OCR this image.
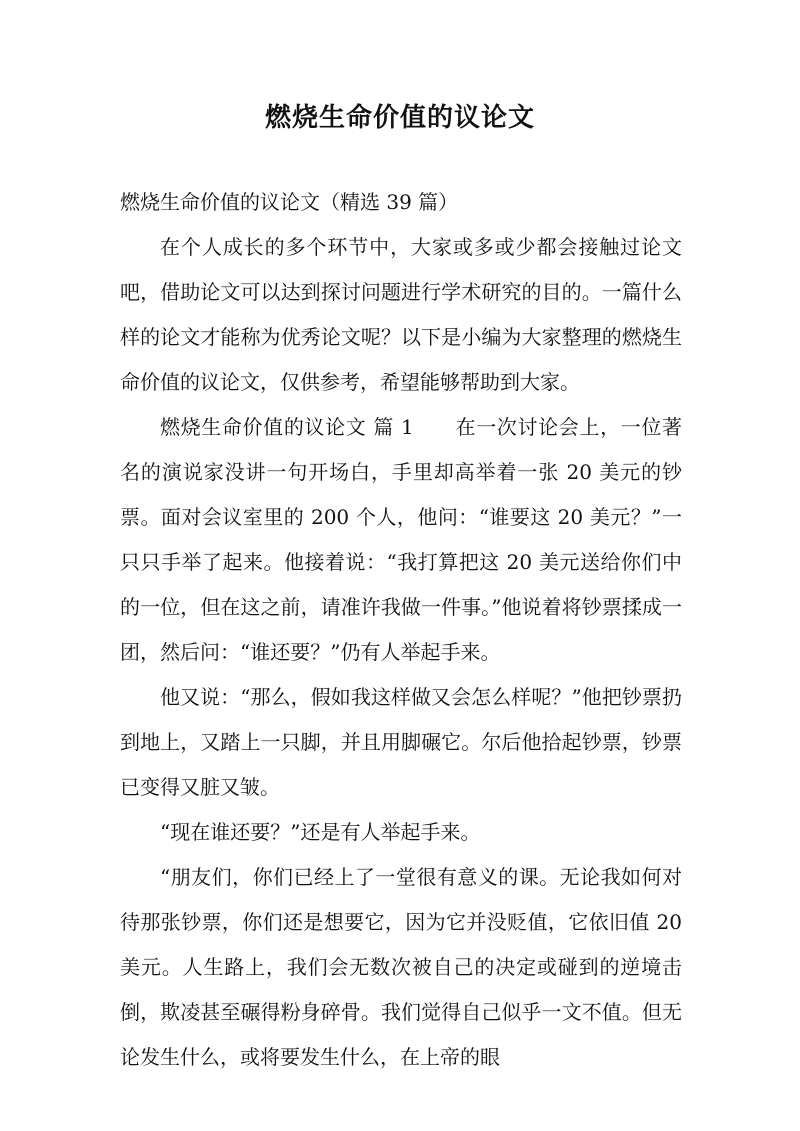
燃烧生命价值的议论文

燃烧生命价值的议论文（精选 39 篇）

在个人成长的多个环节中，大家或多或少都会接触过论文吧，借助论文可以达到探讨问题进行学术研究的目的。一篇什么样的论文才能称为优秀论文呢？以下是小编为大家整理的燃烧生命价值的议论文，仅供参考，希望能够帮助到大家。

燃烧生命价值的议论文 篇 1　　在一次讨论会上，一位著名的演说家没讲一句开场白，手里却高举着一张 20 美元的钞票。面对会议室里的 200 个人，他问：“谁要这 20 美元？”一只只手举了起来。他接着说：“我打算把这 20 美元送给你们中的一位，但在这之前，请准许我做一件事。”他说着将钞票揉成一团，然后问：“谁还要？”仍有人举起手来。

他又说：“那么，假如我这样做又会怎么样呢？”他把钞票扔到地上，又踏上一只脚，并且用脚碾它。尔后他拾起钞票，钞票已变得又脏又皱。

“现在谁还要？”还是有人举起手来。

“朋友们，你们已经上了一堂很有意义的课。无论我如何对待那张钞票，你们还是想要它，因为它并没贬值，它依旧值 20 美元。人生路上，我们会无数次被自己的决定或碰到的逆境击倒，欺凌甚至碾得粉身碎骨。我们觉得自己似乎一文不值。但无论发生什么，或将要发生什么，在上帝的眼
